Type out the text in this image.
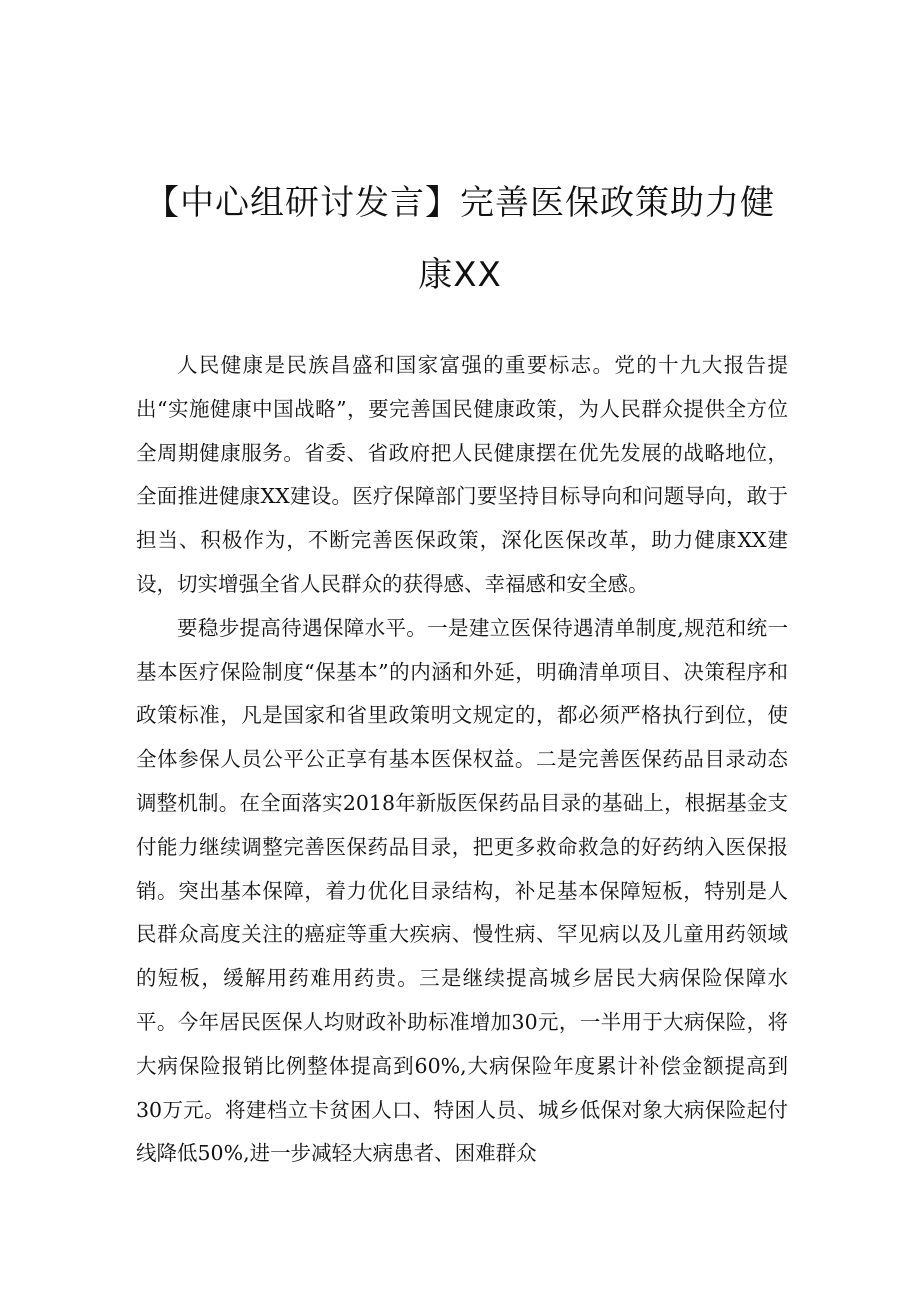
【中心组研讨发言】完善医保政策助力健
康XX

人民健康是民族昌盛和国家富强的重要标志。党的十九大报告提出“实施健康中国战略”，要完善国民健康政策，为人民群众提供全方位全周期健康服务。省委、省政府把人民健康摆在优先发展的战略地位，全面推进健康XX建设。医疗保障部门要坚持目标导向和问题导向，敢于担当、积极作为，不断完善医保政策，深化医保改革，助力健康XX建设，切实增强全省人民群众的获得感、幸福感和安全感。

要稳步提高待遇保障水平。一是建立医保待遇清单制度,规范和统一基本医疗保险制度“保基本”的内涵和外延，明确清单项目、决策程序和政策标准，凡是国家和省里政策明文规定的，都必须严格执行到位，使全体参保人员公平公正享有基本医保权益。二是完善医保药品目录动态调整机制。在全面落实2018年新版医保药品目录的基础上，根据基金支付能力继续调整完善医保药品目录，把更多救命救急的好药纳入医保报销。突出基本保障，着力优化目录结构，补足基本保障短板，特别是人民群众高度关注的癌症等重大疾病、慢性病、罕见病以及儿童用药领域的短板，缓解用药难用药贵。三是继续提高城乡居民大病保险保障水平。今年居民医保人均财政补助标准增加30元，一半用于大病保险，将大病保险报销比例整体提高到60%,大病保险年度累计补偿金额提高到30万元。将建档立卡贫困人口、特困人员、城乡低保对象大病保险起付线降低50%,进一步减轻大病患者、困难群众
